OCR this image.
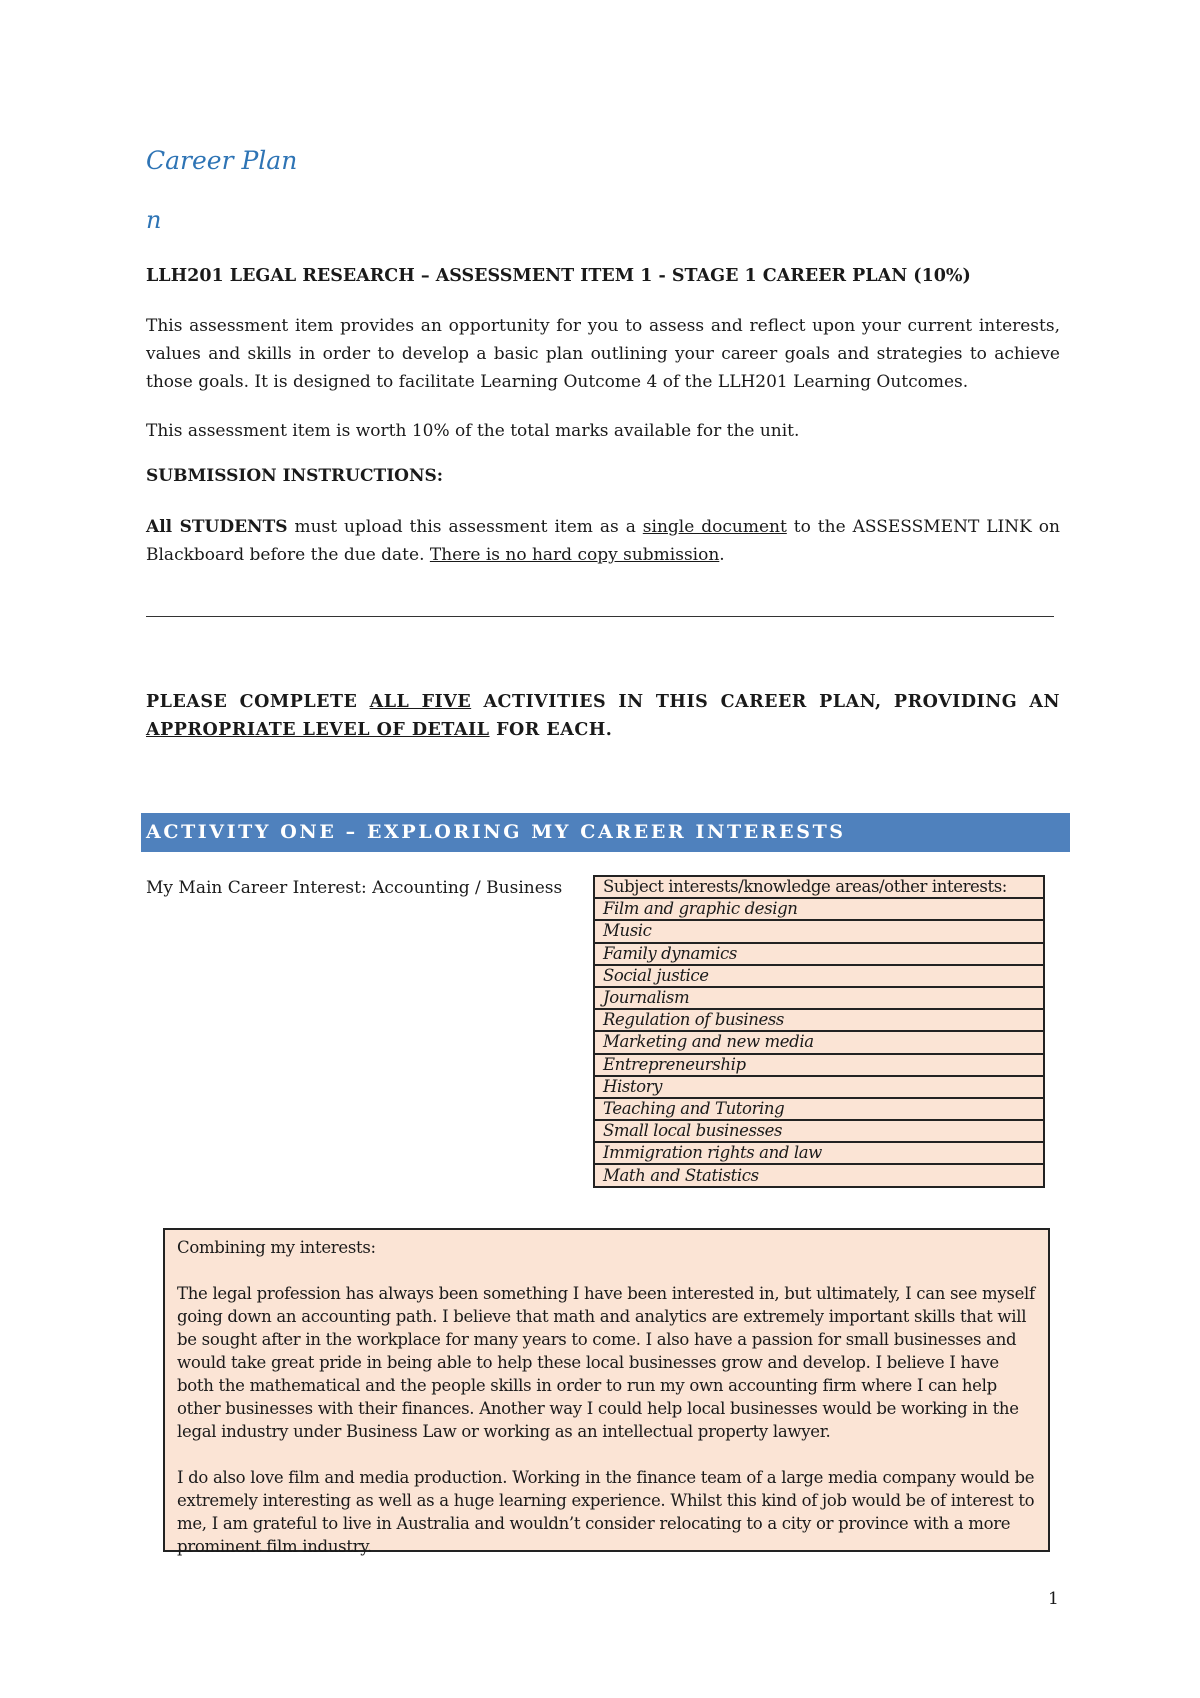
Career Plan
n
LLH201 LEGAL RESEARCH – ASSESSMENT ITEM 1 - STAGE 1 CAREER PLAN (10%)
This assessment item provides an opportunity for you to assess and reflect upon your current interests, values and skills in order to develop a basic plan outlining your career goals and strategies to achieve those goals. It is designed to facilitate Learning Outcome 4 of the LLH201 Learning Outcomes.
This assessment item is worth 10% of the total marks available for the unit.
SUBMISSION INSTRUCTIONS:
All STUDENTS must upload this assessment item as a single document to the ASSESSMENT LINK on Blackboard before the due date. There is no hard copy submission.
PLEASE COMPLETE ALL FIVE ACTIVITIES IN THIS CAREER PLAN, PROVIDING AN APPROPRIATE LEVEL OF DETAIL FOR EACH.
ACTIVITY ONE – EXPLORING MY CAREER INTERESTS
My Main Career Interest: Accounting / Business Subject interests/knowledge areas/other interests:
Film and graphic design
Music
Family dynamics
Social justice
Journalism
Regulation of business
Marketing and new media
Entrepreneurship
History
Teaching and Tutoring
Small local businesses
Immigration rights and law
Math and Statistics

Combining my interests:

The legal profession has always been something I have been interested in, but ultimately, I can see myself going down an accounting path. I believe that math and analytics are extremely important skills that will be sought after in the workplace for many years to come. I also have a passion for small businesses and would take great pride in being able to help these local businesses grow and develop. I believe I have both the mathematical and the people skills in order to run my own accounting firm where I can help other businesses with their finances. Another way I could help local businesses would be working in the legal industry under Business Law or working as an intellectual property lawyer.

I do also love film and media production. Working in the finance team of a large media company would be extremely interesting as well as a huge learning experience. Whilst this kind of job would be of interest to me, I am grateful to live in Australia and wouldn’t consider relocating to a city or province with a more prominent film industry.

1
